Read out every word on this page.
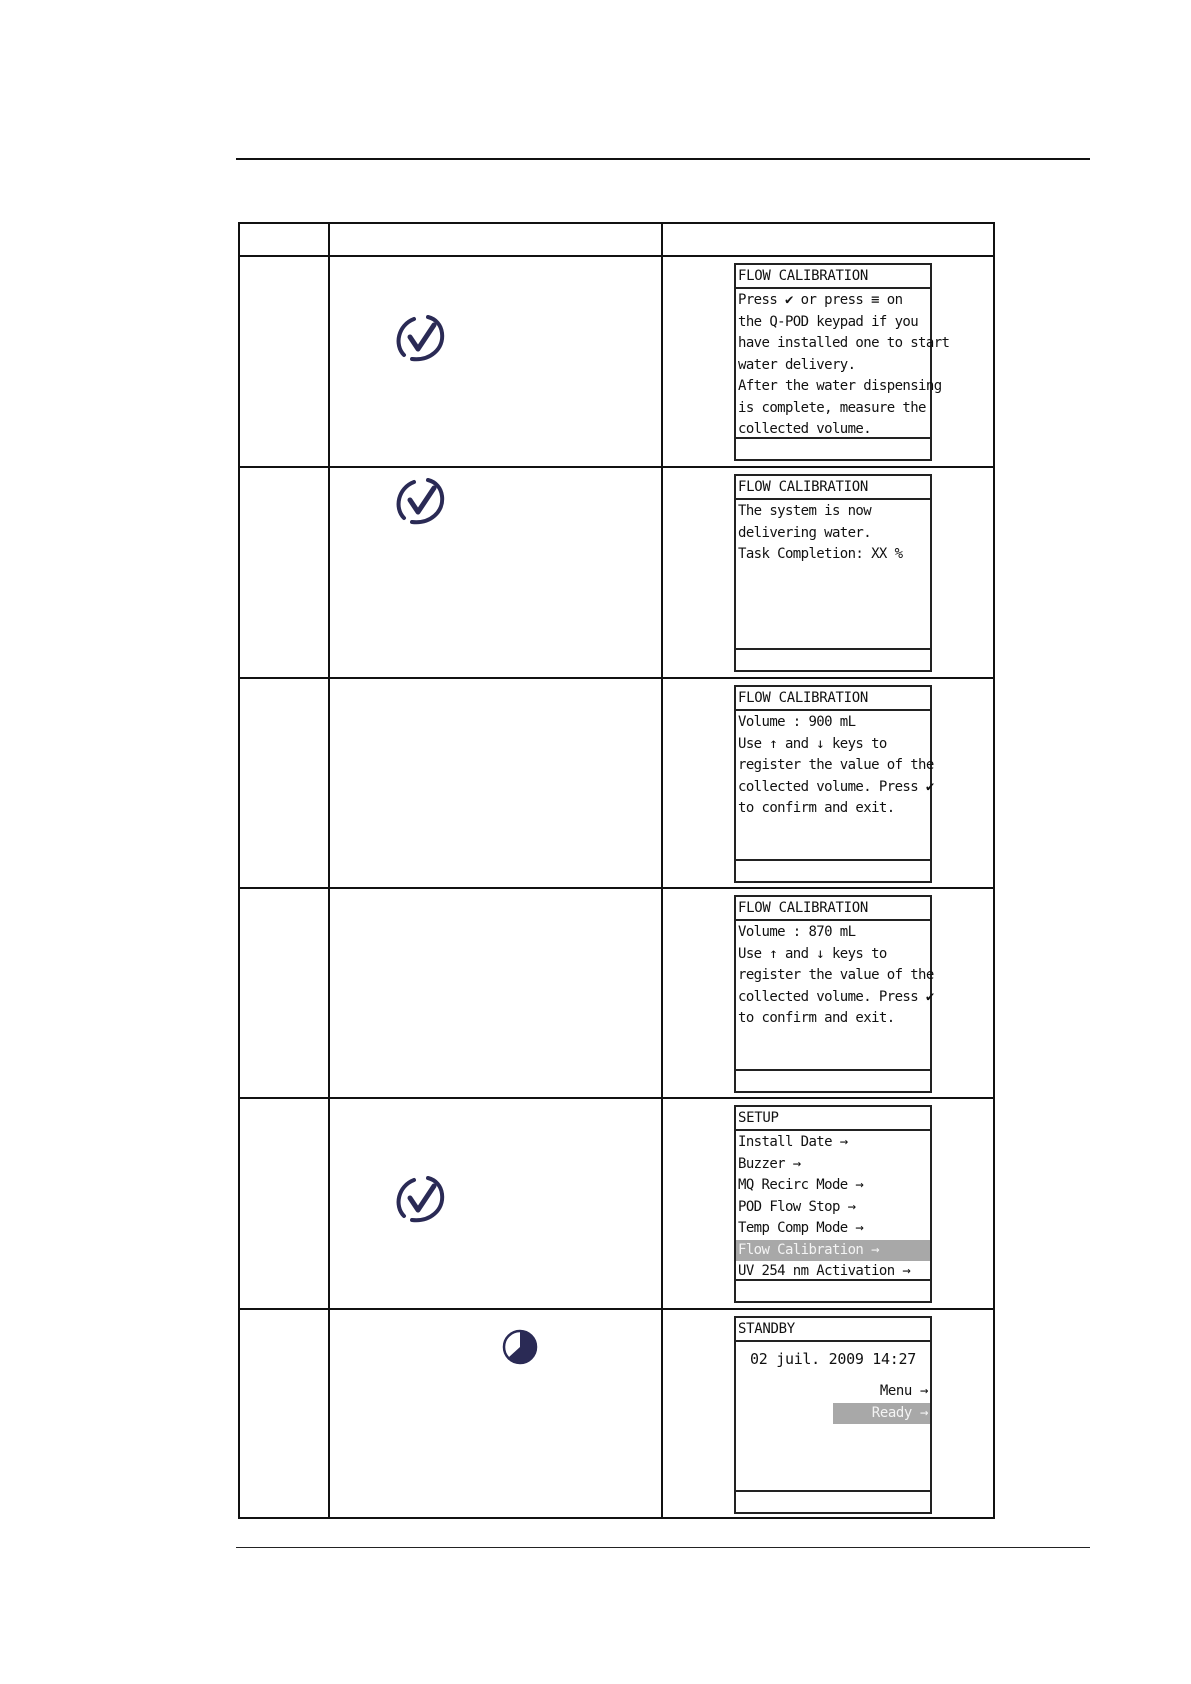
FLOW CALIBRATION
Press ✔ or press ≡ on
the Q-POD keypad if you
have installed one to start
water delivery.
After the water dispensing
is complete, measure the
collected volume.
FLOW CALIBRATION
The system is now
delivering water.
Task Completion: XX %
FLOW CALIBRATION
Volume : 900 mL
Use ↑ and ↓ keys to
register the value of the
collected volume. Press ✔
to confirm and exit.
FLOW CALIBRATION
Volume : 870 mL
Use ↑ and ↓ keys to
register the value of the
collected volume. Press ✔
to confirm and exit.
SETUP
Install Date →
Buzzer →
MQ Recirc Mode →
POD Flow Stop →
Temp Comp Mode →
Flow Calibration →
UV 254 nm Activation →
STANDBY
02 juil. 2009 14:27
Menu →
Ready →
